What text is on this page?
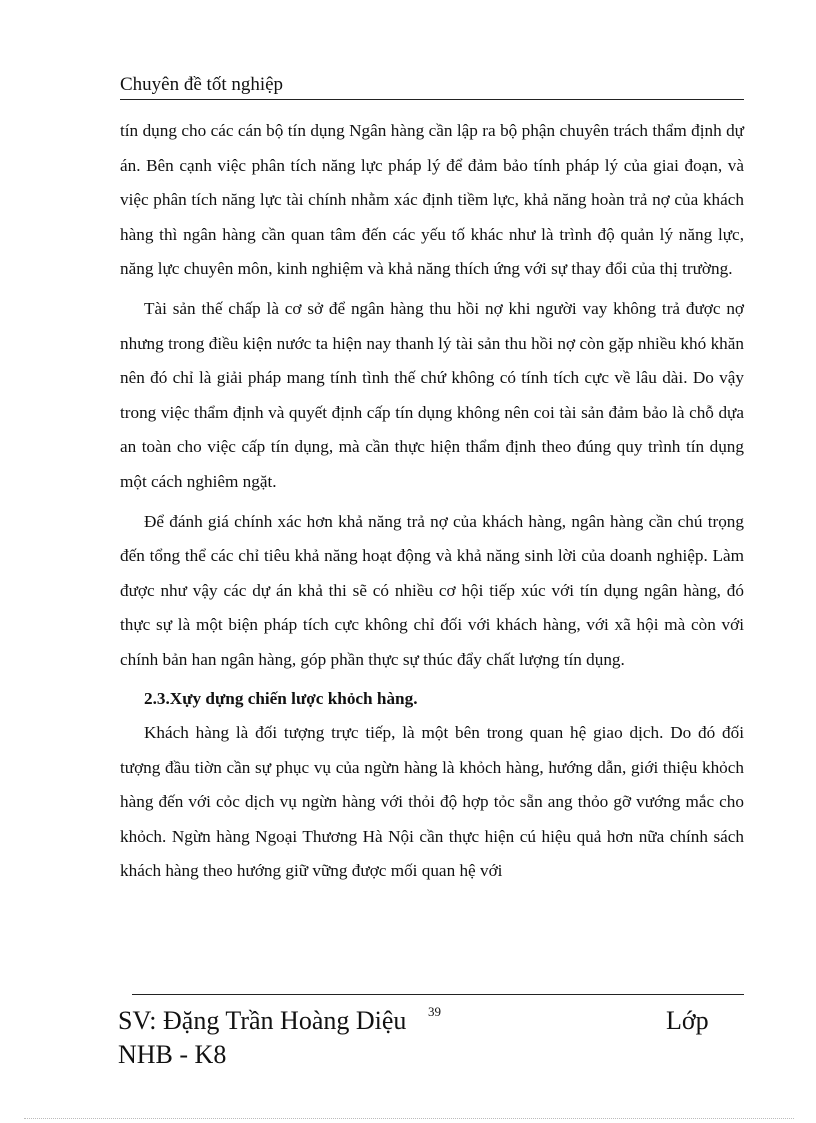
Chuyên đề tốt nghiệp

tín dụng cho các cán bộ tín dụng Ngân hàng cần lập ra bộ phận chuyên trách thẩm định dự án. Bên cạnh việc phân tích năng lực pháp lý để đảm bảo tính pháp lý của giai đoạn, và việc phân tích năng lực tài chính nhằm xác định tiềm lực, khả năng hoàn trả nợ của khách hàng thì ngân hàng cần quan tâm đến các yếu tố khác như là trình độ quản lý năng lực, năng lực chuyên môn, kinh nghiệm và khả năng thích ứng với sự thay đổi của thị trường.

Tài sản thế chấp là cơ sở để ngân hàng thu hồi nợ khi người vay không trả được nợ nhưng trong điều kiện nước ta hiện nay thanh lý tài sản thu hồi nợ còn gặp nhiều khó khăn nên đó chỉ là giải pháp mang tính tình thế chứ không có tính tích cực về lâu dài. Do vậy trong việc thẩm định và quyết định cấp tín dụng không nên coi tài sản đảm bảo là chỗ dựa an toàn cho việc cấp tín dụng, mà cần thực hiện thẩm định theo đúng quy trình tín dụng một cách nghiêm ngặt.

Để đánh giá chính xác hơn khả năng trả nợ của khách hàng, ngân hàng cần chú trọng đến tổng thể các chỉ tiêu khả năng hoạt động và khả năng sinh lời của doanh nghiệp. Làm được như vậy các dự án khả thi sẽ có nhiều cơ hội tiếp xúc với tín dụng ngân hàng, đó thực sự là một biện pháp tích cực không chỉ đối với khách hàng, với xã hội mà còn với chính bản han ngân hàng, góp phần thực sự thúc đẩy chất lượng tín dụng.

2.3.Xựy dựng chiến lược khỏch hàng.

Khách hàng là đối tượng trực tiếp, là một bên trong quan hệ giao dịch. Do đó đối tượng đầu tiờn cần sự phục vụ của ngừn hàng là khỏch hàng, hướng dẫn, giới thiệu khỏch hàng đến với cỏc dịch vụ ngừn hàng với thỏi độ hợp tỏc sẵn ang thỏo gỡ vướng mắc cho khỏch. Ngừn hàng Ngoại Thương Hà Nội cần thực hiện cú hiệu quả hơn nữa chính sách khách hàng theo hướng giữ vững được mối quan hệ với

39
SV: Đặng Trần Hoàng Diệu	Lớp
NHB - K8
